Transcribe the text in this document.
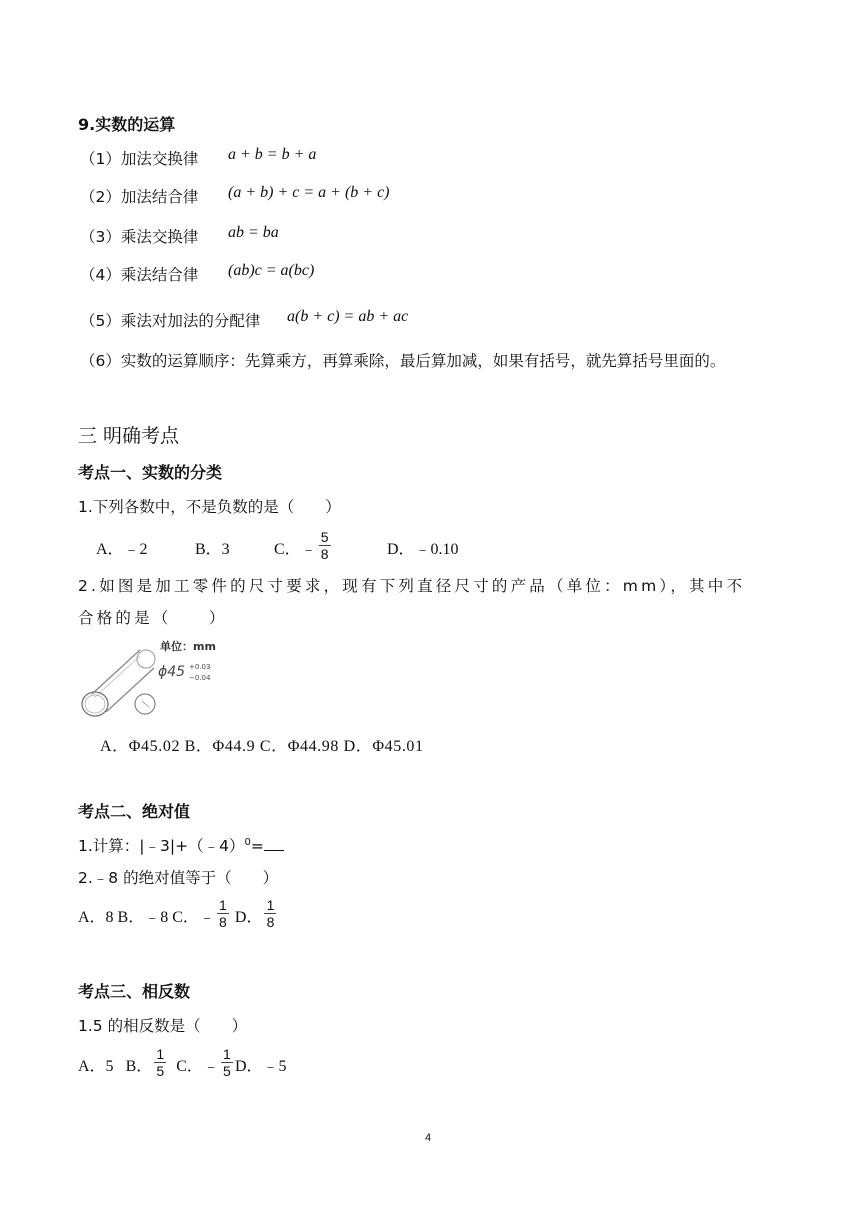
9.实数的运算
（1）加法交换律 a + b = b + a
（2）加法结合律 (a + b) + c = a + (b + c)
（3）乘法交换律 ab = ba
（4）乘法结合律 (ab)c = a(bc)
（5）乘法对加法的分配律 a(b + c) = ab + ac
（6）实数的运算顺序：先算乘方，再算乘除，最后算加减，如果有括号，就先算括号里面的。
三 明确考点
考点一、实数的分类
1.下列各数中，不是负数的是（　　）
A．﹣2	B．3	C．﹣ $\frac{5}{8}$	D．﹣0.10
2.如图是加工零件的尺寸要求，现有下列直径尺寸的产品（单位：mm），其中不
合格的是（　　）
单位：mm
ϕ45 +0.03
−0.04
A．Φ45.02 B．Φ44.9 C．Φ44.98 D．Φ45.01
考点二、绝对值
1.计算：|﹣3|+（﹣4）$^0$=
2.﹣8 的绝对值等于（　　）
A．8 B．﹣8 C．﹣ $\frac{1}{8}$ D． $\frac{1}{8}$
考点三、相反数
1.5 的相反数是（　　）
A．5 B． $\frac{1}{5}$ C．﹣ $\frac{1}{5}$ D．﹣5
4
